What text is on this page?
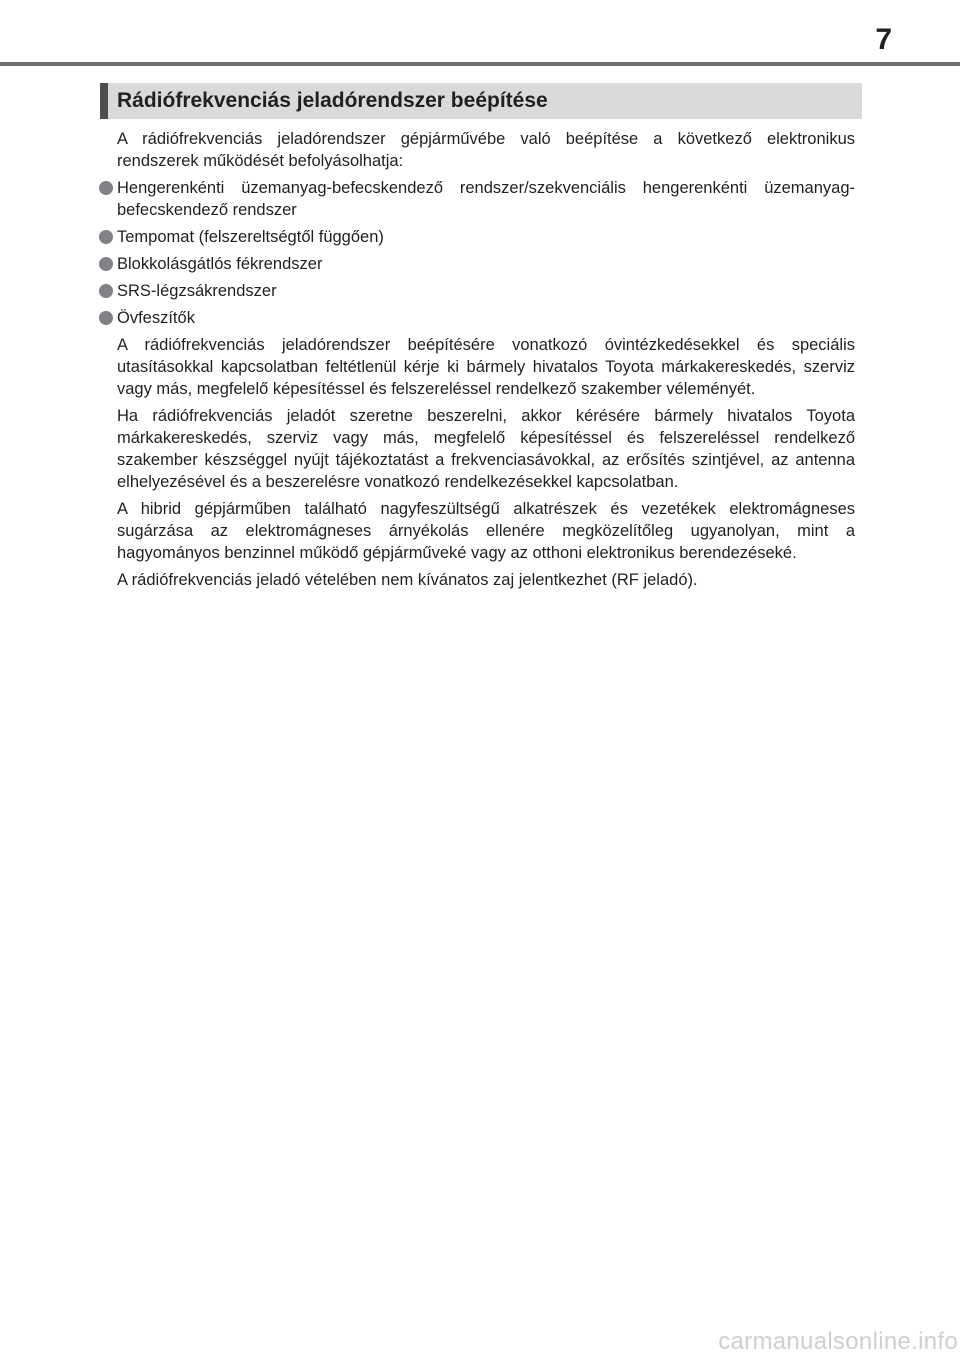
7
Rádiófrekvenciás jeladórendszer beépítése

A rádiófrekvenciás jeladórendszer gépjárművébe való beépítése a következő elektronikus rendszerek működését befolyásolhatja:

Hengerenkénti üzemanyag-befecskendező rendszer/szekvenciális hengerenkénti üzemanyag-befecskendező rendszer
Tempomat (felszereltségtől függően)
Blokkolásgátlós fékrendszer
SRS-légzsákrendszer
Övfeszítők

A rádiófrekvenciás jeladórendszer beépítésére vonatkozó óvintézkedésekkel és speciális utasításokkal kapcsolatban feltétlenül kérje ki bármely hivatalos Toyota márkakereskedés, szerviz vagy más, megfelelő képesítéssel és felszereléssel rendelkező szakember véleményét.

Ha rádiófrekvenciás jeladót szeretne beszerelni, akkor kérésére bármely hivatalos Toyota márkakereskedés, szerviz vagy más, megfelelő képesítéssel és felszereléssel rendelkező szakember készséggel nyújt tájékoztatást a frekvenciasávokkal, az erősítés szintjével, az antenna elhelyezésével és a beszerelésre vonatkozó rendelkezésekkel kapcsolatban.

A hibrid gépjárműben található nagyfeszültségű alkatrészek és vezetékek elektromágneses sugárzása az elektromágneses árnyékolás ellenére megközelítőleg ugyanolyan, mint a hagyományos benzinnel működő gépjárműveké vagy az otthoni elektronikus berendezéseké.

A rádiófrekvenciás jeladó vételében nem kívánatos zaj jelentkezhet (RF jeladó).

carmanualsonline.info
